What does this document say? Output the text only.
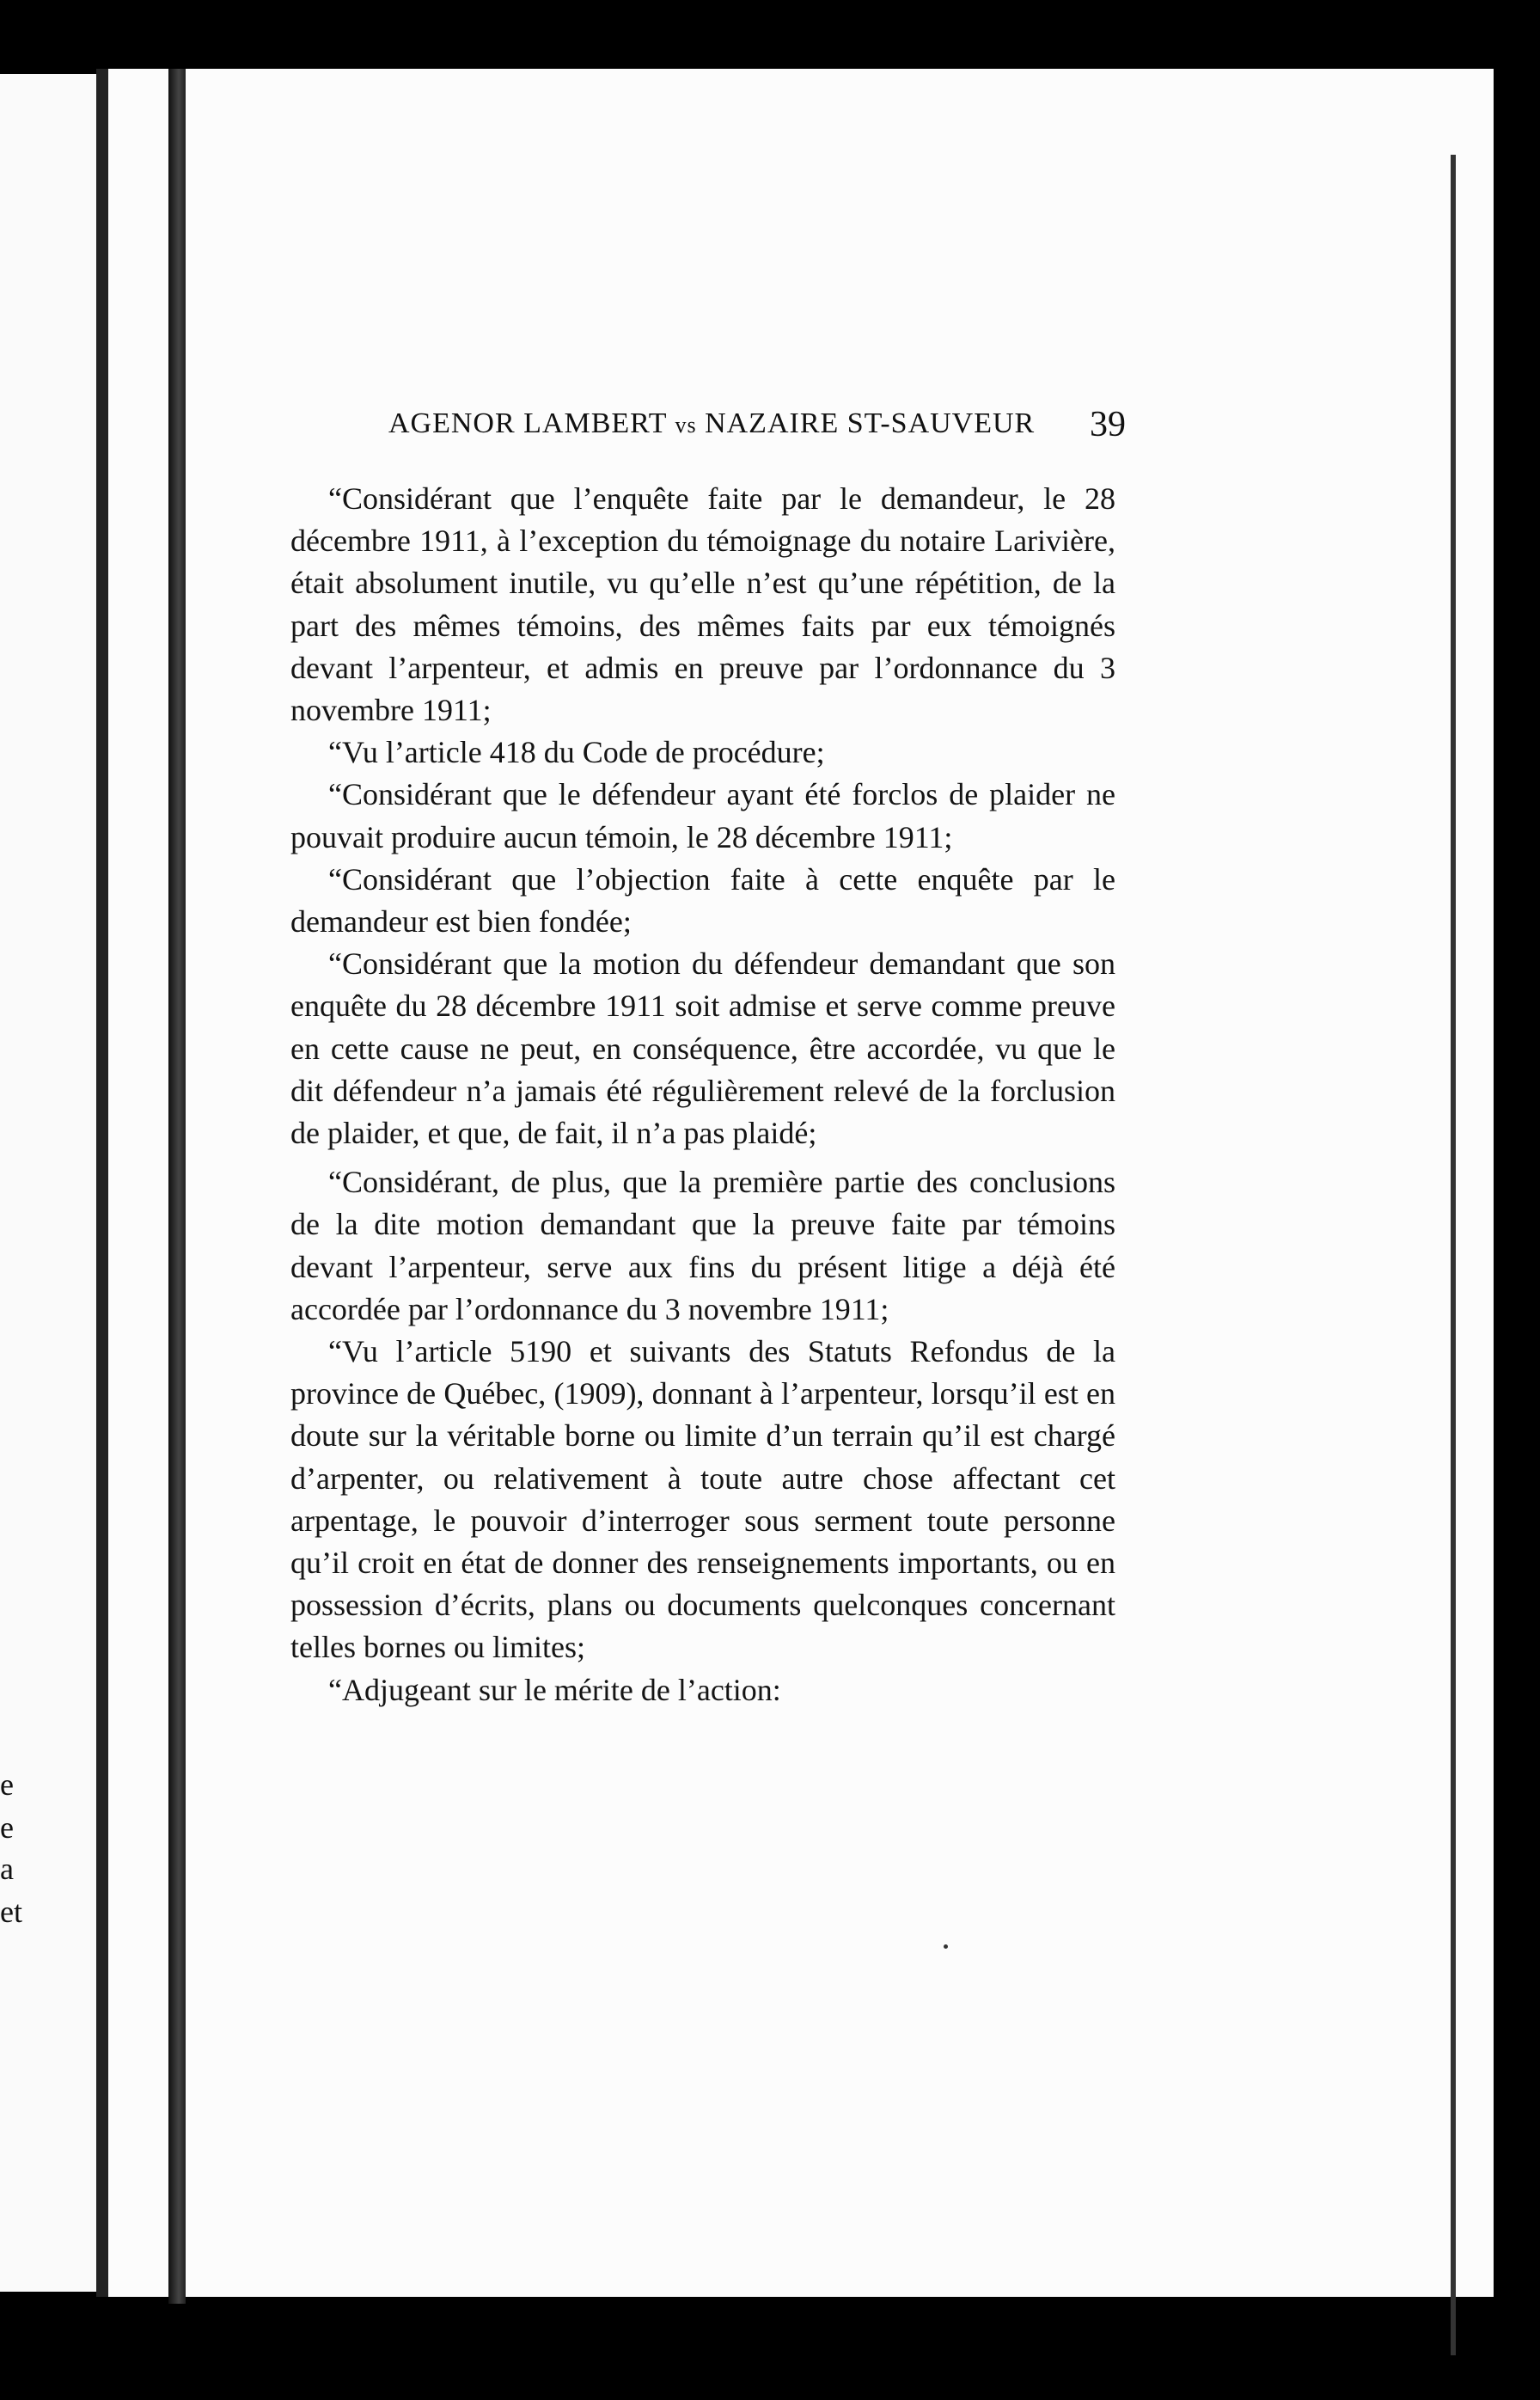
e
e
a
et
AGENOR LAMBERT vs NAZAIRE ST-SAUVEUR	39

“Considérant que l’enquête faite par le demandeur, le 28 décembre 1911, à l’exception du témoignage du notaire Larivière, était absolument inutile, vu qu’elle n’est qu’une répétition, de la part des mêmes témoins, des mêmes faits par eux témoignés devant l’arpenteur, et admis en preuve par l’ordonnance du 3 novembre 1911;

“Vu l’article 418 du Code de procédure;

“Considérant que le défendeur ayant été forclos de plaider ne pouvait produire aucun témoin, le 28 décembre 1911;

“Considérant que l’objection faite à cette enquête par le demandeur est bien fondée;

“Considérant que la motion du défendeur demandant que son enquête du 28 décembre 1911 soit admise et serve comme preuve en cette cause ne peut, en conséquence, être accordée, vu que le dit défendeur n’a jamais été régulièrement relevé de la forclusion de plaider, et que, de fait, il n’a pas plaidé;

“Considérant, de plus, que la première partie des conclusions de la dite motion demandant que la preuve faite par témoins devant l’arpenteur, serve aux fins du présent litige a déjà été accordée par l’ordonnance du 3 novembre 1911;

“Vu l’article 5190 et suivants des Statuts Refondus de la province de Québec, (1909), donnant à l’arpenteur, lorsqu’il est en doute sur la véritable borne ou limite d’un terrain qu’il est chargé d’arpenter, ou relativement à toute autre chose affectant cet arpentage, le pouvoir d’interroger sous serment toute personne qu’il croit en état de donner des renseignements importants, ou en possession d’écrits, plans ou documents quelconques concernant telles bornes ou limites;

“Adjugeant sur le mérite de l’action:
